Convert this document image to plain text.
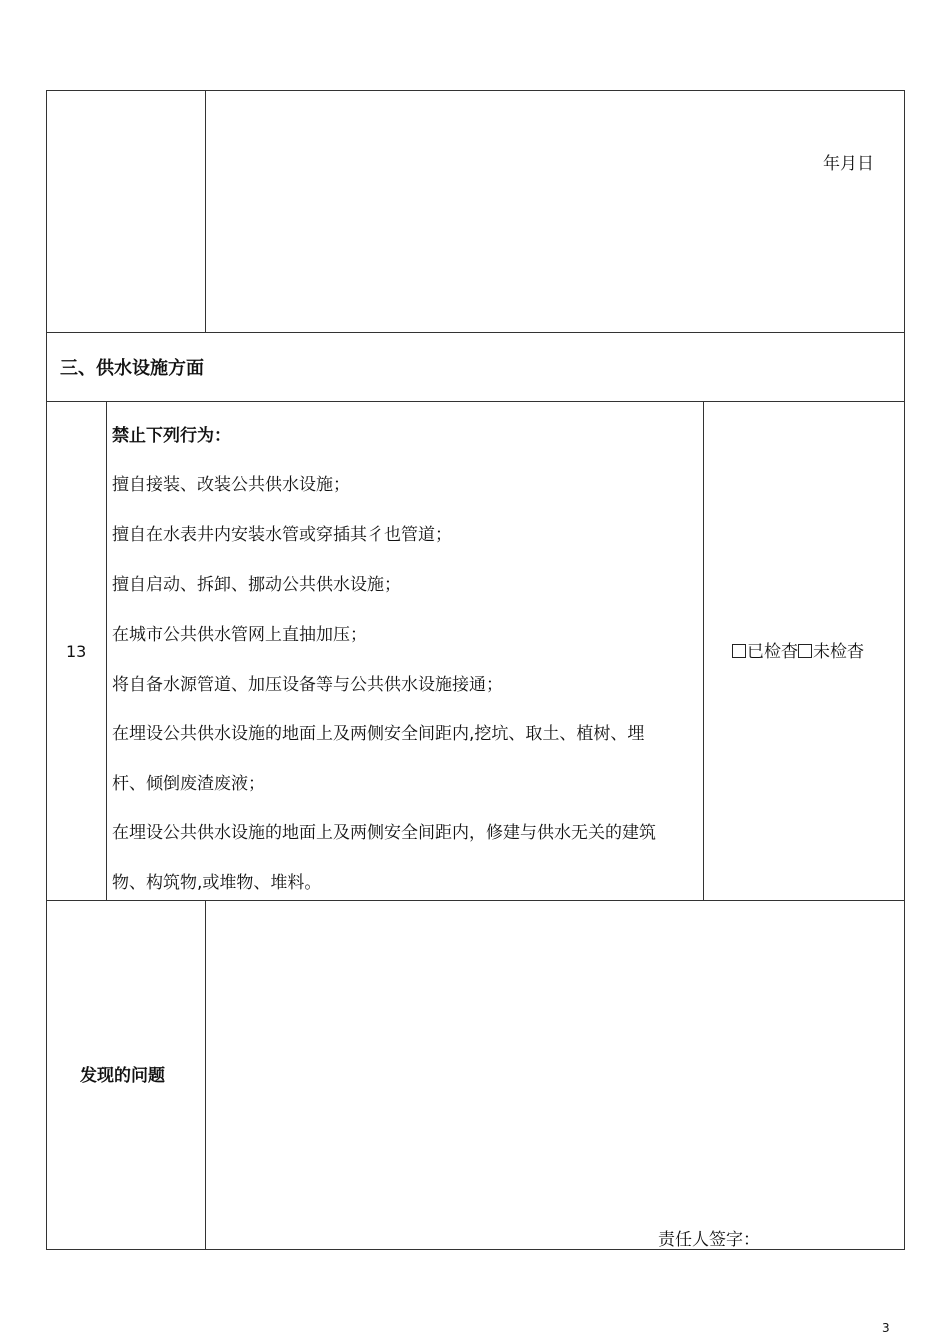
年月日
三、供水设施方面
13
禁止下列行为：
擅自接装、改装公共供水设施；
擅自在水表井内安装水管或穿插其彳也管道；
擅自启动、拆卸、挪动公共供水设施；
在城市公共供水管网上直抽加压；
将自备水源管道、加压设备等与公共供水设施接通；
在埋设公共供水设施的地面上及两侧安全间距内,挖坑、取土、植树、埋
杆、倾倒废渣废液；
在埋设公共供水设施的地面上及两侧安全间距内，修建与供水无关的建筑
物、构筑物,或堆物、堆料。
已检杳 未检杳
发现的问题
责任人签字：
3
